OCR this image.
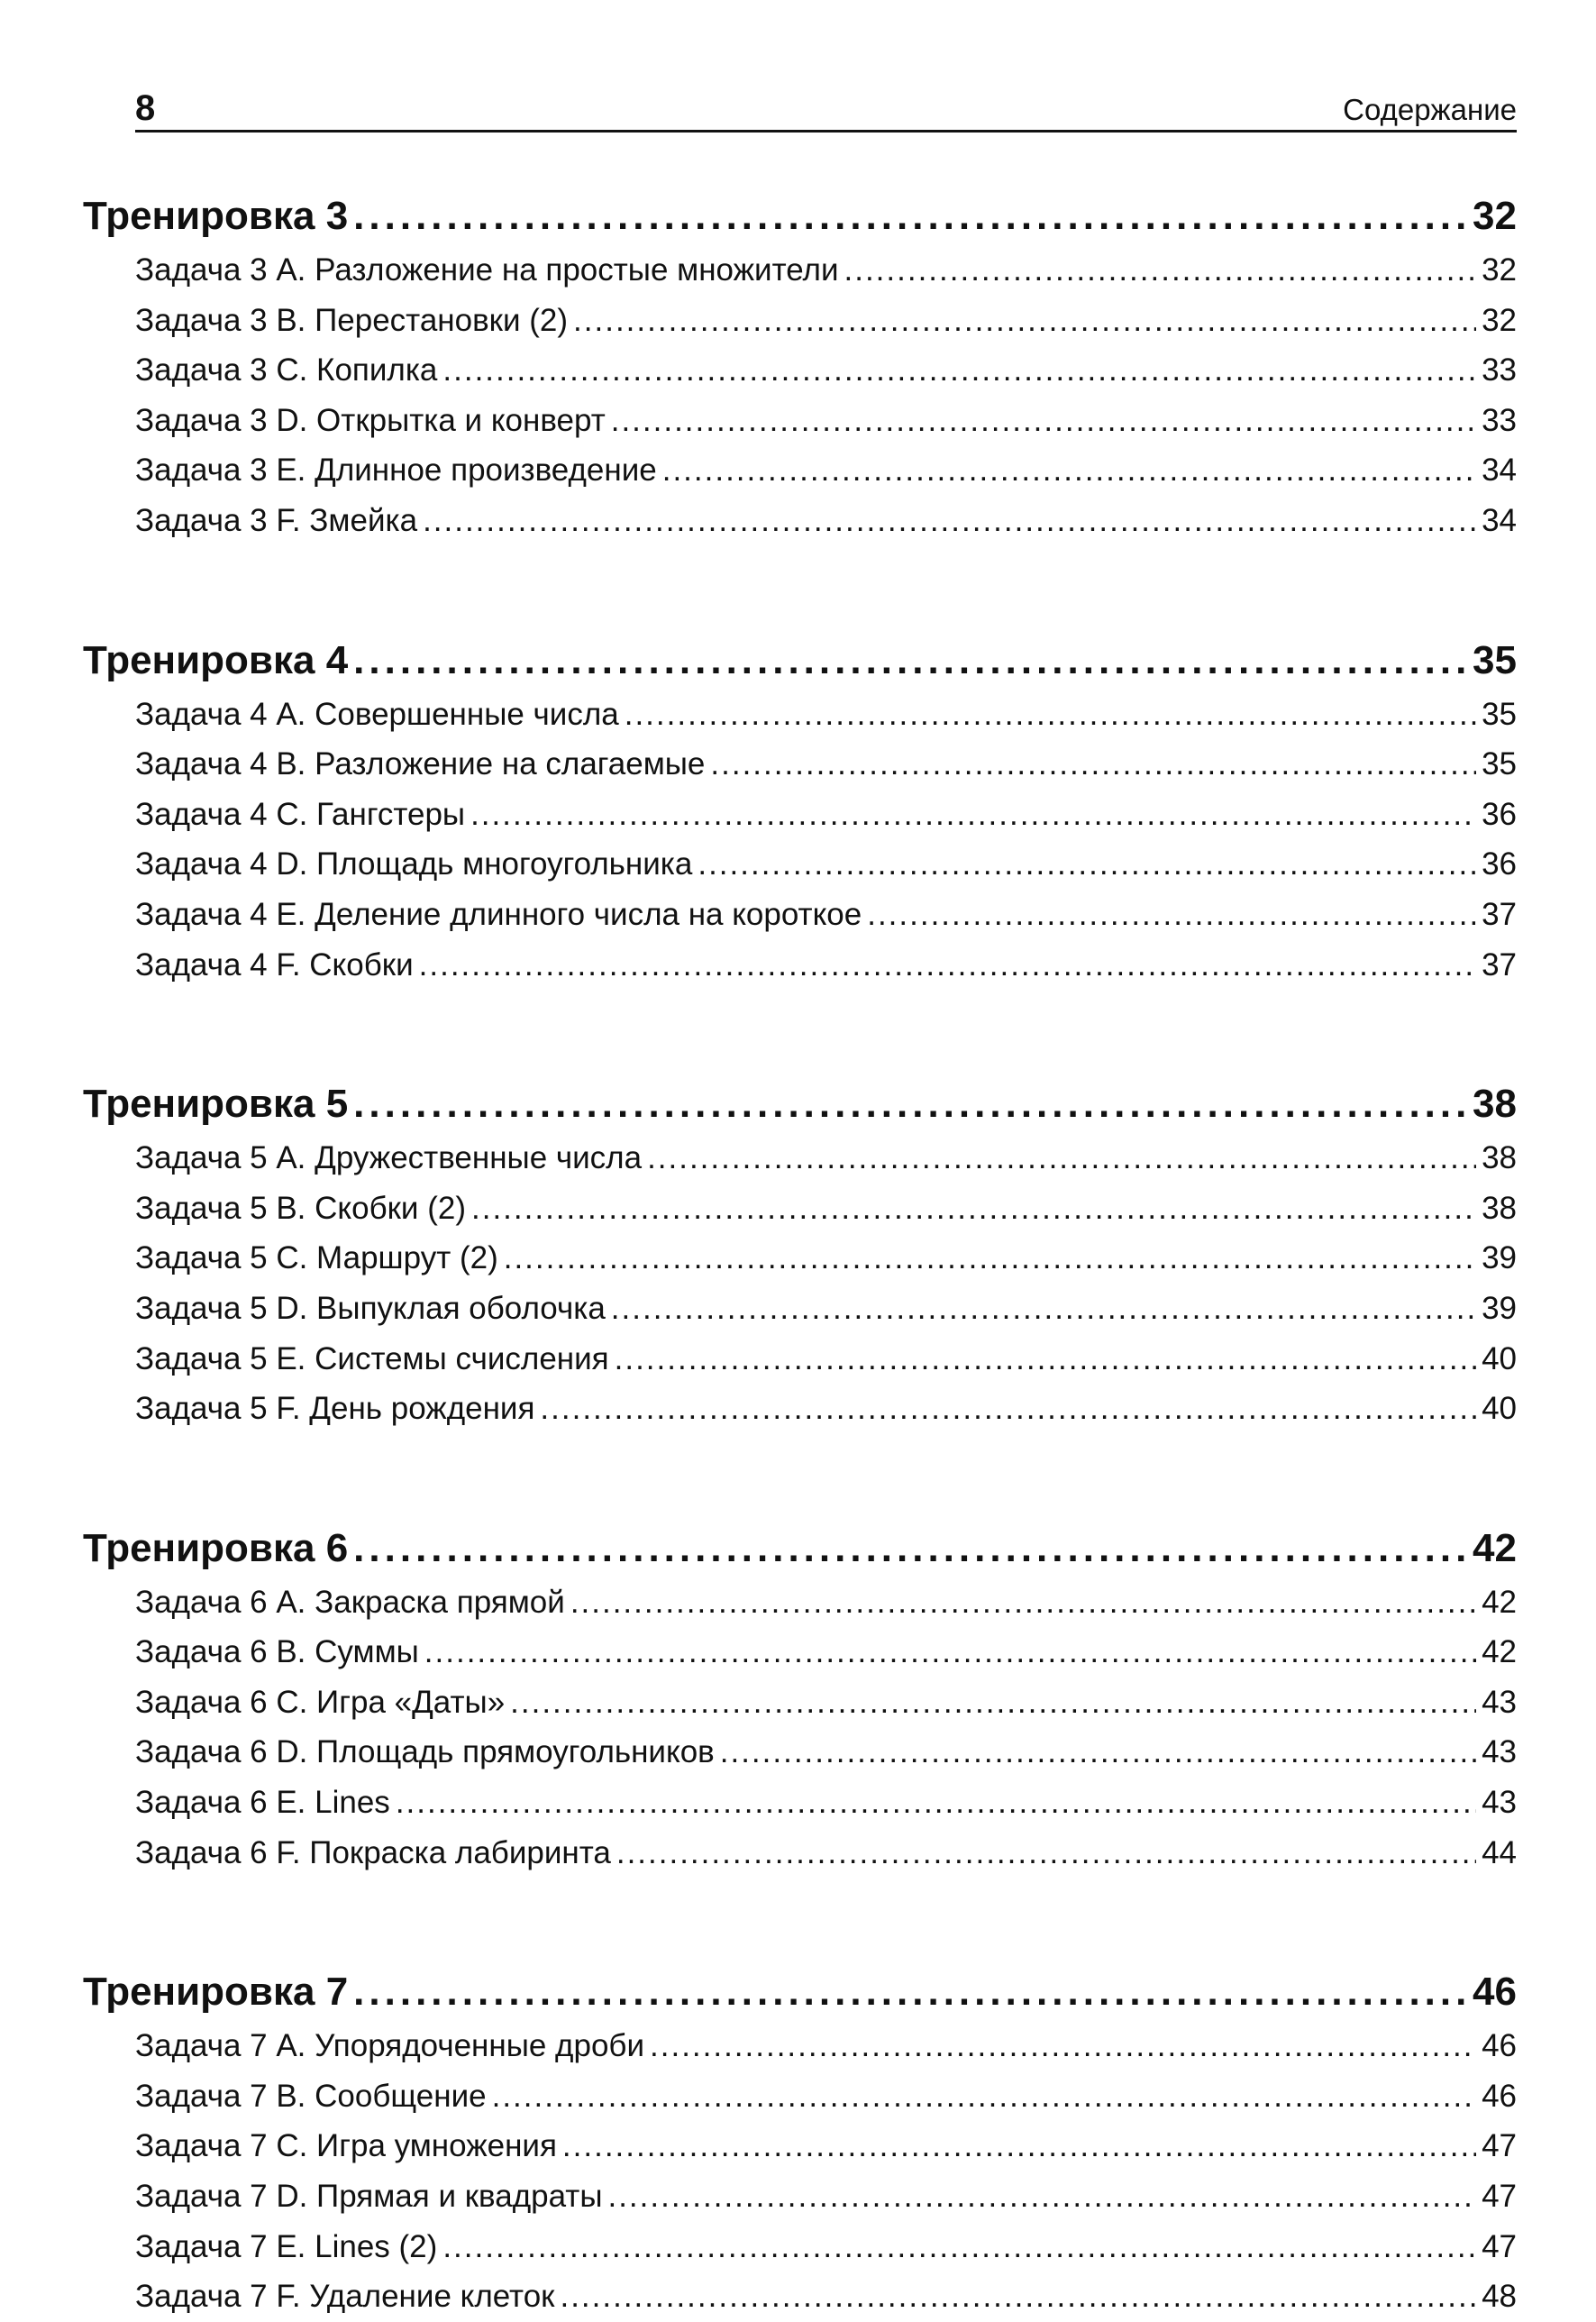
8	Содержание
Тренировка 3 .....	32
Задача 3 A. Разложение на простые множители .....	32
Задача 3 B. Перестановки (2) .....	32
Задача 3 C. Копилка .....	33
Задача 3 D. Открытка и конверт .....	33
Задача 3 E. Длинное произведение .....	34
Задача 3 F. Змейка .....	34
Тренировка 4 .....	35
Задача 4 A. Совершенные числа .....	35
Задача 4 B. Разложение на слагаемые .....	35
Задача 4 C. Гангстеры .....	36
Задача 4 D. Площадь многоугольника .....	36
Задача 4 E. Деление длинного числа на короткое .....	37
Задача 4 F. Скобки .....	37
Тренировка 5 .....	38
Задача 5 A. Дружественные числа .....	38
Задача 5 B. Скобки (2) .....	38
Задача 5 C. Маршрут (2) .....	39
Задача 5 D. Выпуклая оболочка .....	39
Задача 5 E. Системы счисления .....	40
Задача 5 F. День рождения .....	40
Тренировка 6 .....	42
Задача 6 A. Закраска прямой .....	42
Задача 6 B. Суммы .....	42
Задача 6 C. Игра «Даты» .....	43
Задача 6 D. Площадь прямоугольников .....	43
Задача 6 E. Lines .....	43
Задача 6 F. Покраска лабиринта .....	44
Тренировка 7 .....	46
Задача 7 A. Упорядоченные дроби .....	46
Задача 7 B. Сообщение .....	46
Задача 7 C. Игра умножения .....	47
Задача 7 D. Прямая и квадраты .....	47
Задача 7 E. Lines (2) .....	47
Задача 7 F. Удаление клеток .....	48
